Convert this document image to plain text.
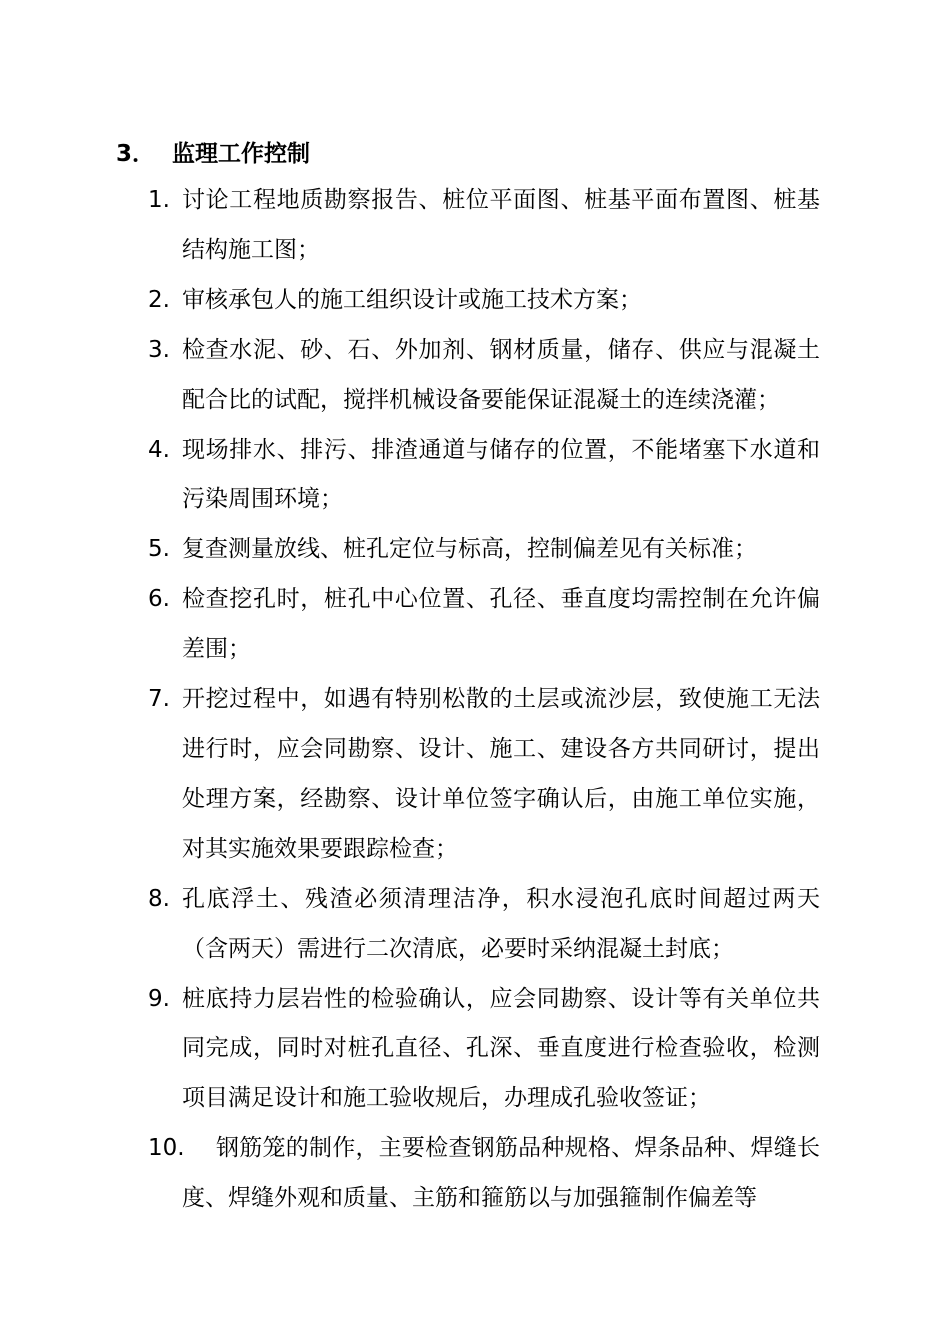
3． 监理工作控制
1. 讨论工程地质勘察报告、桩位平面图、桩基平面布置图、桩基结构施工图；
2. 审核承包人的施工组织设计或施工技术方案；
3. 检查水泥、砂、石、外加剂、钢材质量，储存、供应与混凝土配合比的试配，搅拌机械设备要能保证混凝土的连续浇灌；
4. 现场排水、排污、排渣通道与储存的位置，不能堵塞下水道和污染周围环境；
5. 复查测量放线、桩孔定位与标高，控制偏差见有关标准；
6. 检查挖孔时，桩孔中心位置、孔径、垂直度均需控制在允许偏差围；
7. 开挖过程中，如遇有特别松散的土层或流沙层，致使施工无法进行时，应会同勘察、设计、施工、建设各方共同研讨，提出处理方案，经勘察、设计单位签字确认后，由施工单位实施，对其实施效果要跟踪检查；
8. 孔底浮土、残渣必须清理洁净，积水浸泡孔底时间超过两天（含两天）需进行二次清底，必要时采纳混凝土封底；
9. 桩底持力层岩性的检验确认，应会同勘察、设计等有关单位共同完成，同时对桩孔直径、孔深、垂直度进行检查验收，检测项目满足设计和施工验收规后，办理成孔验收签证；
10.	钢筋笼的制作，主要检查钢筋品种规格、焊条品种、焊缝长度、焊缝外观和质量、主筋和箍筋以与加强箍制作偏差等
